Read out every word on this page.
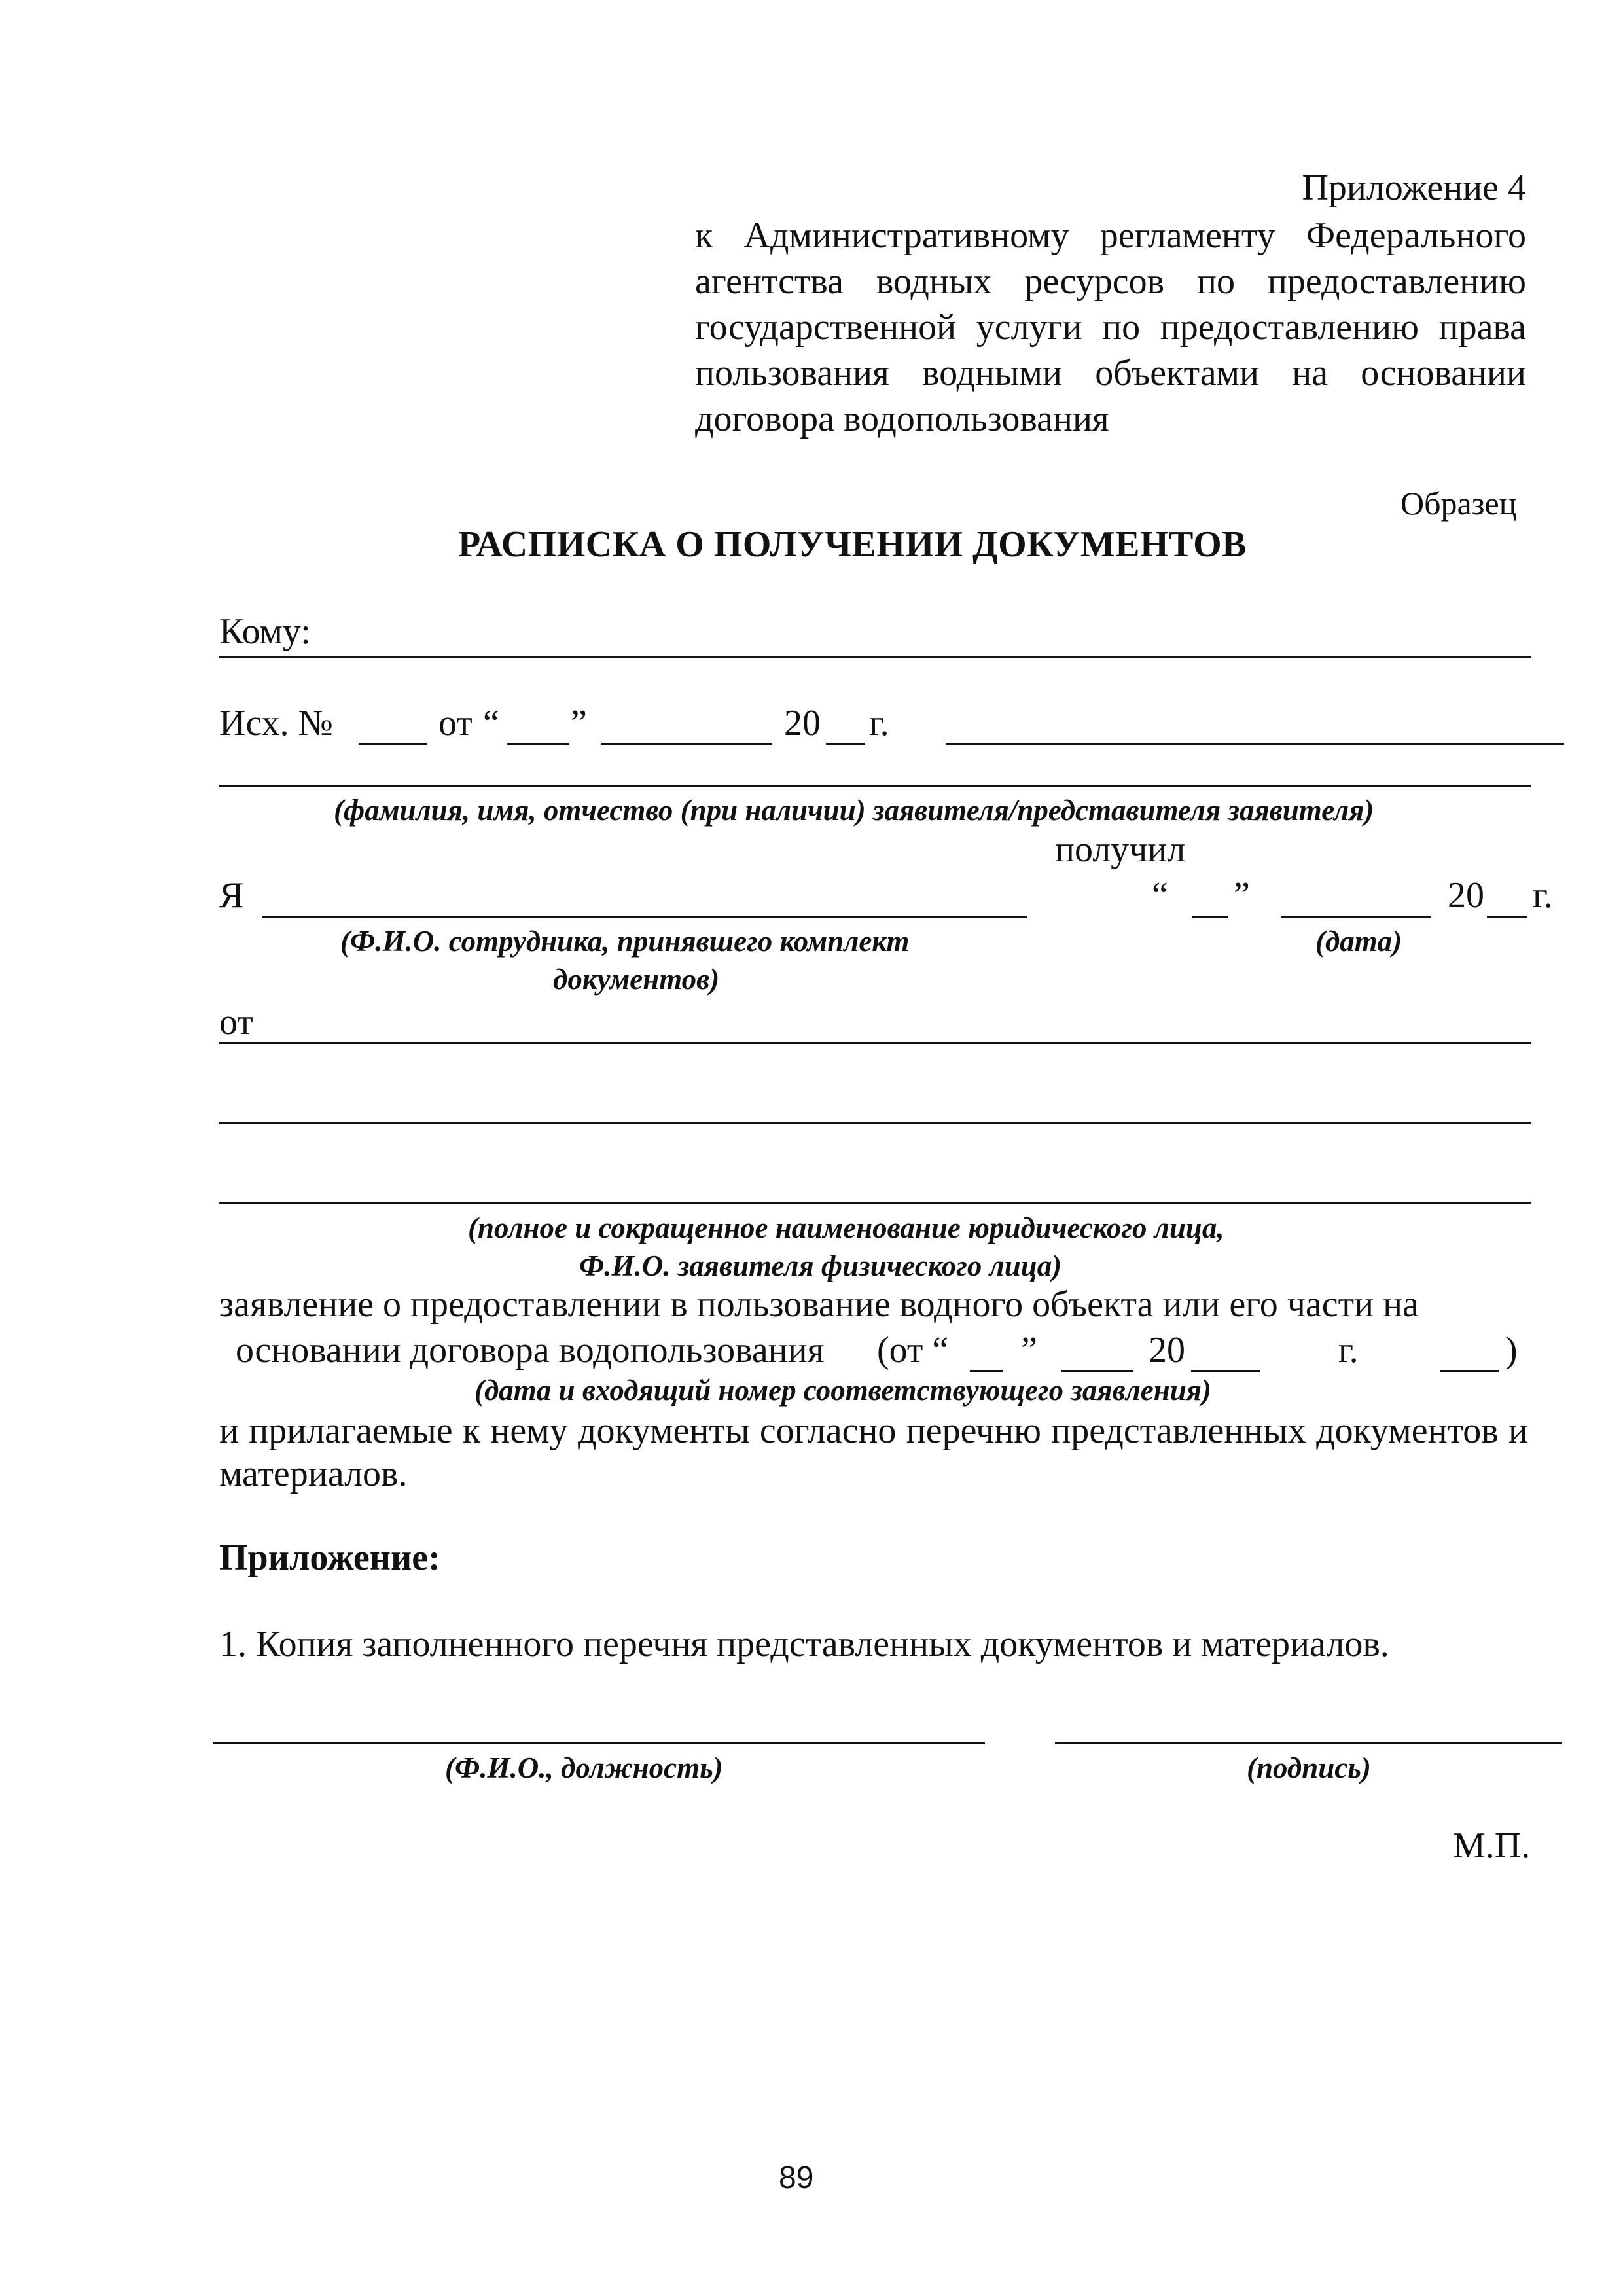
Приложение 4
к Административному регламенту Федерального агентства водных ресурсов по предоставлению государственной услуги по предоставлению права пользования водными объектами на основании договора водопользования
Образец
РАСПИСКА О ПОЛУЧЕНИИ ДОКУМЕНТОВ
Кому:
Исх. №	от “ ”	20 г.
(фамилия, имя, отчество (при наличии) заявителя/представителя заявителя)
получил
Я	“ ”	20 г.
(Ф.И.О. сотрудника, принявшего комплект
документов)
(дата)
от
(полное и сокращенное наименование юридического лица,
Ф.И.О. заявителя физического лица)
заявление о предоставлении в пользование водного объекта или его части на
основании договора водопользования (от “ ”	20	г.	)
(дата и входящий номер соответствующего заявления)
и прилагаемые к нему документы согласно перечню представленных документов и материалов.
Приложение:
1. Копия заполненного перечня представленных документов и материалов.
(Ф.И.О., должность)	(подпись)
М.П.
89
